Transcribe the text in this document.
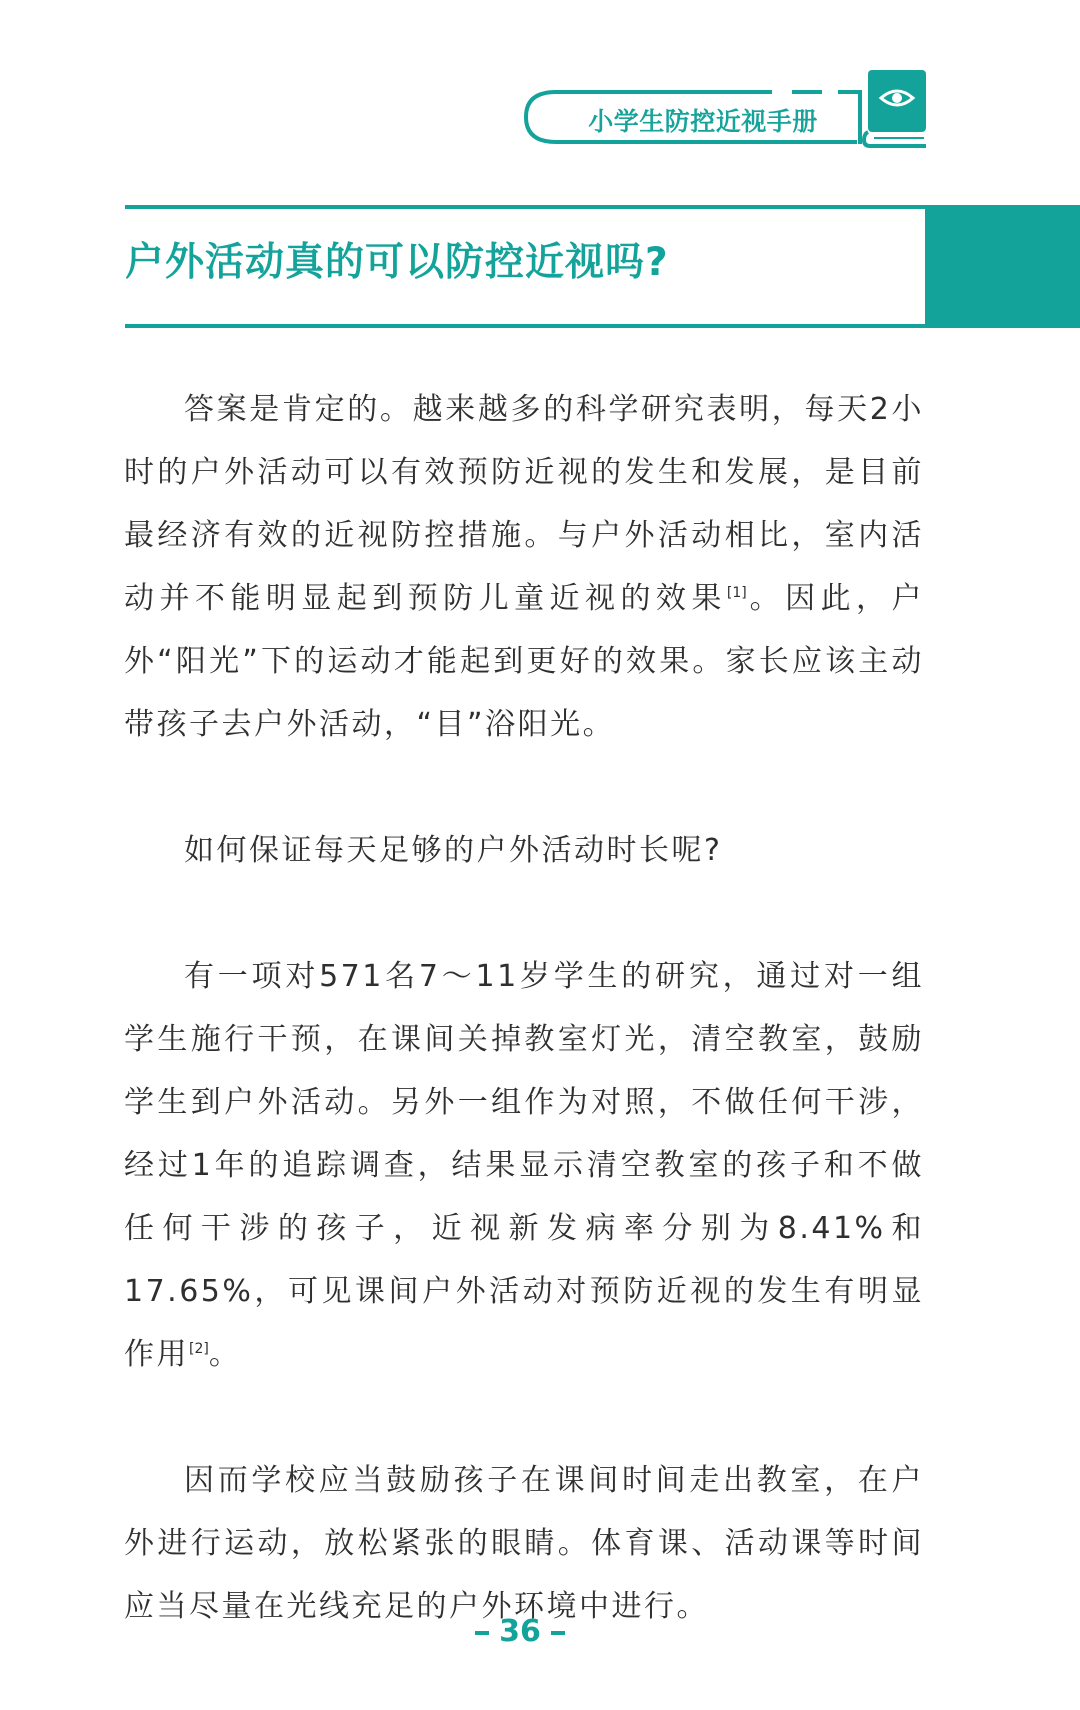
小学生防控近视手册
户外活动真的可以防控近视吗?

答案是肯定的。越来越多的科学研究表明，每天2小时的户外活动可以有效预防近视的发生和发展，是目前最经济有效的近视防控措施。与户外活动相比，室内活动并不能明显起到预防儿童近视的效果[1]。因此，户外“阳光”下的运动才能起到更好的效果。家长应该主动带孩子去户外活动，“目”浴阳光。

如何保证每天足够的户外活动时长呢?

有一项对571名7～11岁学生的研究，通过对一组学生施行干预，在课间关掉教室灯光，清空教室，鼓励学生到户外活动。另外一组作为对照，不做任何干涉，经过1年的追踪调查，结果显示清空教室的孩子和不做任何干涉的孩子，近视新发病率分别为8.41%和17.65%，可见课间户外活动对预防近视的发生有明显作用[2]。

因而学校应当鼓励孩子在课间时间走出教室，在户外进行运动，放松紧张的眼睛。体育课、活动课等时间应当尽量在光线充足的户外环境中进行。

36
